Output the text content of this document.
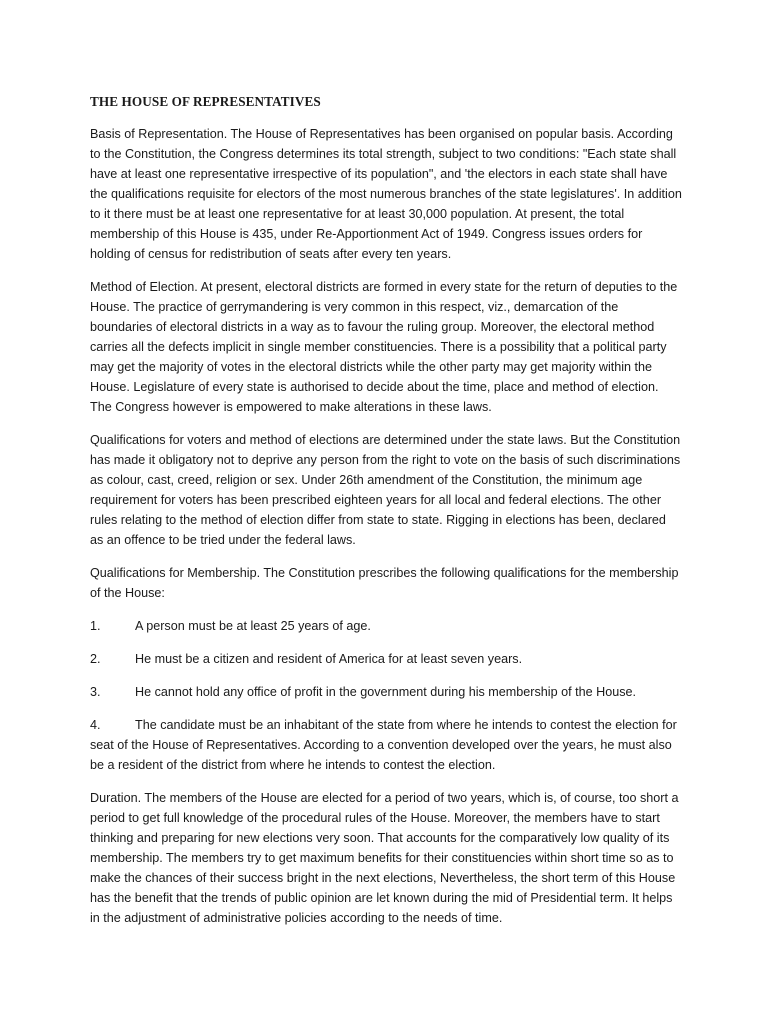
THE HOUSE OF REPRESENTATIVES

Basis of Representation. The House of Representatives has been organised on popular basis. According to the Constitution, the Congress determines its total strength, subject to two conditions: "Each state shall have at least one representative irrespective of its population", and 'the electors in each state shall have the qualifications requisite for electors of the most numerous branches of the state legislatures'. In addition to it there must be at least one representative for at least 30,000 population. At present, the total membership of this House is 435, under Re-Apportionment Act of 1949. Congress issues orders for holding of census for redistribution of seats after every ten years.

Method of Election. At present, electoral districts are formed in every state for the return of deputies to the House. The practice of gerrymandering is very common in this respect, viz., demarcation of the boundaries of electoral districts in a way as to favour the ruling group. Moreover, the electoral method carries all the defects implicit in single member constituencies. There is a possibility that a political party may get the majority of votes in the electoral districts while the other party may get majority within the House. Legislature of every state is authorised to decide about the time, place and method of election. The Congress however is empowered to make alterations in these laws.

Qualifications for voters and method of elections are determined under the state laws. But the Constitution has made it obligatory not to deprive any person from the right to vote on the basis of such discriminations as colour, cast, creed, religion or sex. Under 26th amendment of the Constitution, the minimum age requirement for voters has been prescribed eighteen years for all local and federal elections. The other rules relating to the method of election differ from state to state. Rigging in elections has been, declared as an offence to be tried under the federal laws.

Qualifications for Membership. The Constitution prescribes the following qualifications for the membership of the House:

1.	A person must be at least 25 years of age.
2.	He must be a citizen and resident of America for at least seven years.
3.	He cannot hold any office of profit in the government during his membership of the House.
4.	The candidate must be an inhabitant of the state from where he intends to contest the election for seat of the House of Representatives. According to a convention developed over the years, he must also be a resident of the district from where he intends to contest the election.

Duration. The members of the House are elected for a period of two years, which is, of course, too short a period to get full knowledge of the procedural rules of the House. Moreover, the members have to start thinking and preparing for new elections very soon. That accounts for the comparatively low quality of its membership. The members try to get maximum benefits for their constituencies within short time so as to make the chances of their success bright in the next elections, Nevertheless, the short term of this House has the benefit that the trends of public opinion are let known during the mid of Presidential term. It helps in the adjustment of administrative policies according to the needs of time.
